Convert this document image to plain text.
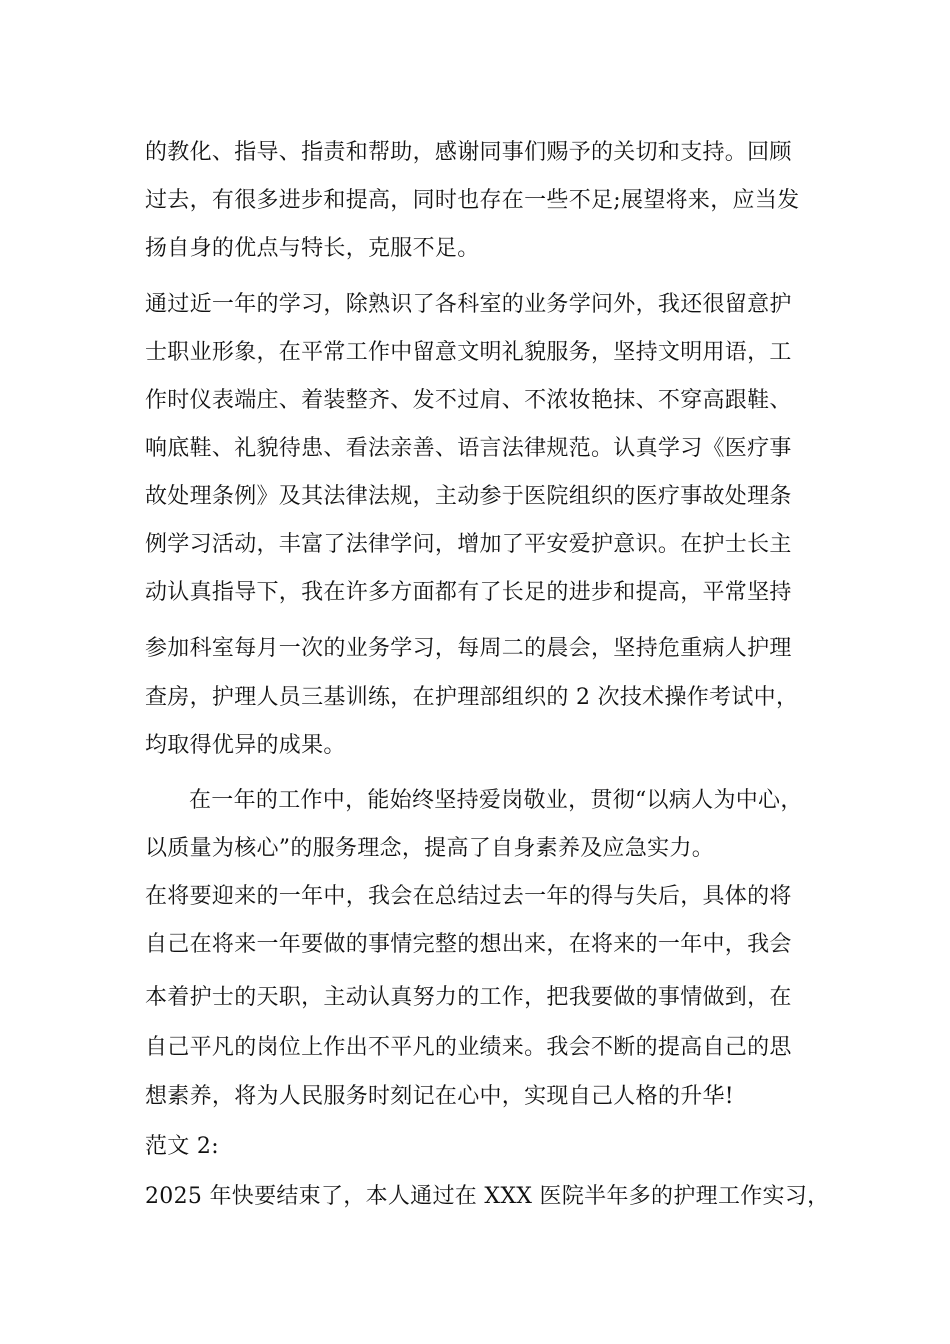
的教化、指导、指责和帮助，感谢同事们赐予的关切和支持。回顾
过去，有很多进步和提高，同时也存在一些不足;展望将来，应当发
扬自身的优点与特长，克服不足。
通过近一年的学习，除熟识了各科室的业务学问外，我还很留意护
士职业形象，在平常工作中留意文明礼貌服务，坚持文明用语，工
作时仪表端庄、着装整齐、发不过肩、不浓妆艳抹、不穿高跟鞋、
响底鞋、礼貌待患、看法亲善、语言法律规范。认真学习《医疗事
故处理条例》及其法律法规，主动参于医院组织的医疗事故处理条
例学习活动，丰富了法律学问，增加了平安爱护意识。在护士长主
动认真指导下，我在许多方面都有了长足的进步和提高，平常坚持
参加科室每月一次的业务学习，每周二的晨会，坚持危重病人护理
查房，护理人员三基训练，在护理部组织的 2 次技术操作考试中，
均取得优异的成果。
在一年的工作中，能始终坚持爱岗敬业，贯彻“以病人为中心，
以质量为核心”的服务理念，提高了自身素养及应急实力。
在将要迎来的一年中，我会在总结过去一年的得与失后，具体的将
自己在将来一年要做的事情完整的想出来，在将来的一年中，我会
本着护士的天职，主动认真努力的工作，把我要做的事情做到，在
自己平凡的岗位上作出不平凡的业绩来。我会不断的提高自己的思
想素养，将为人民服务时刻记在心中，实现自己人格的升华!
范文 2:
2025 年快要结束了，本人通过在 XXX 医院半年多的护理工作实习，
